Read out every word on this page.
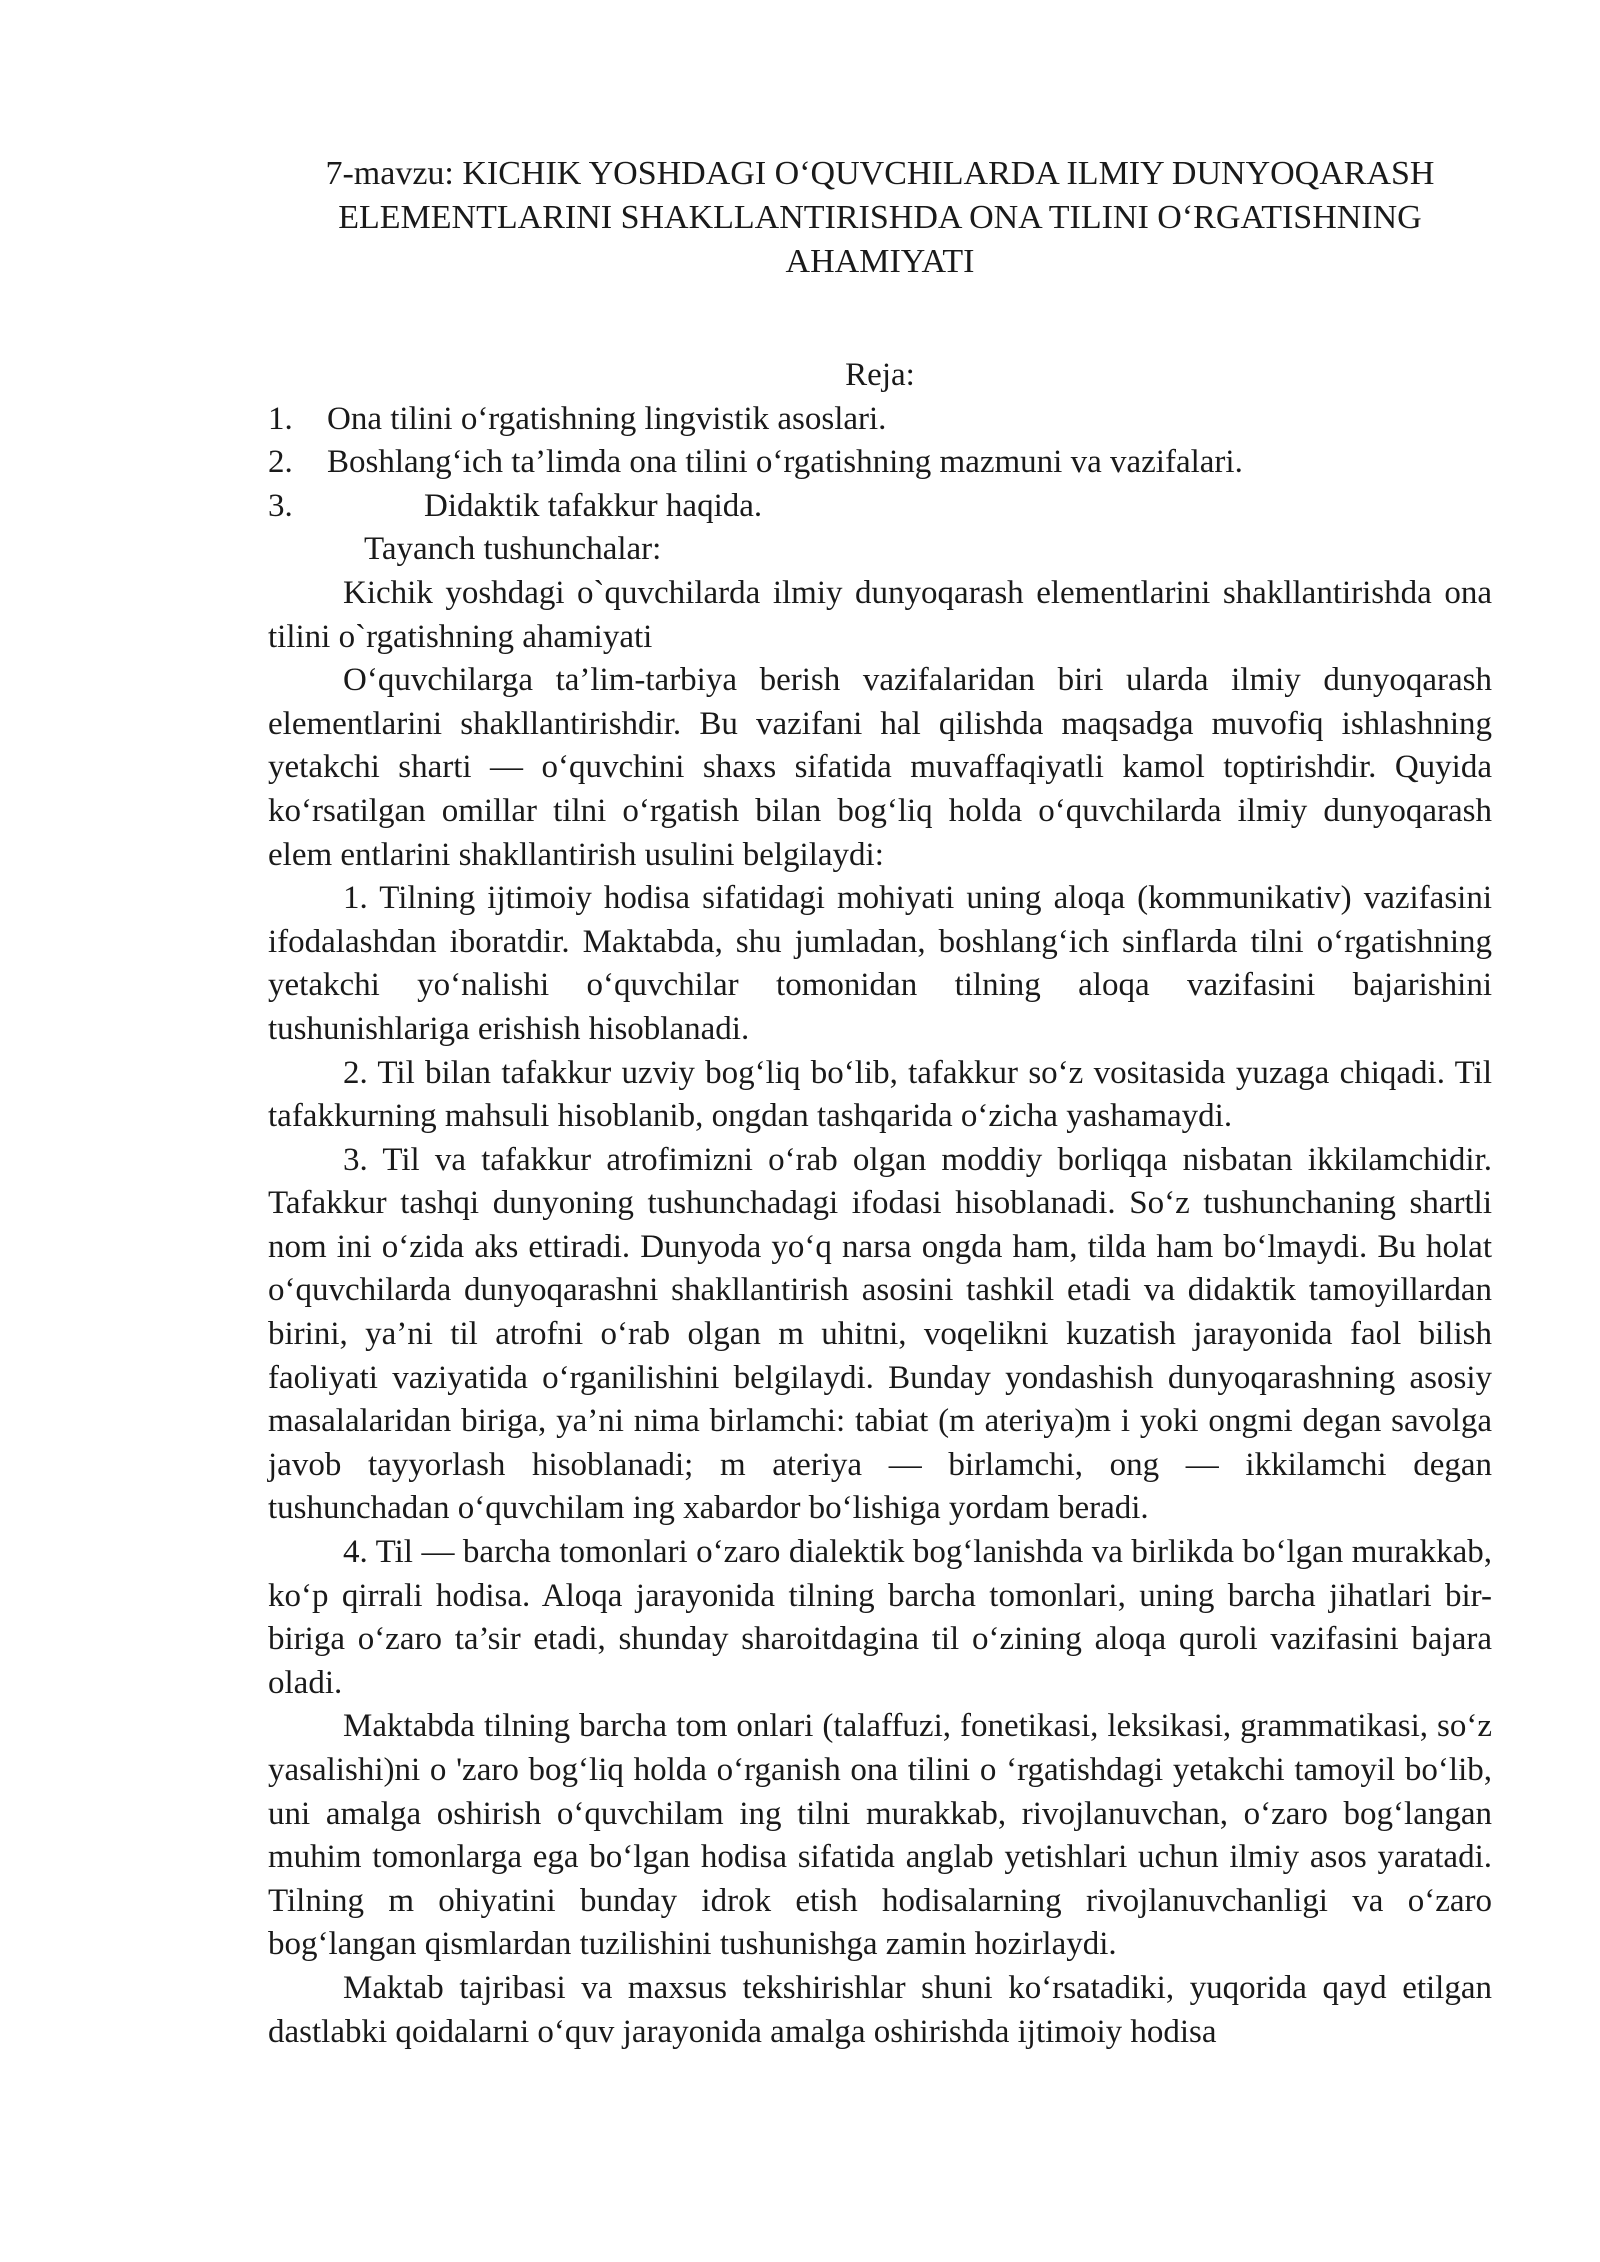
7-mavzu: KICHIK YOSHDAGI O‘QUVCHILARDA ILMIY DUNYOQARASH ELEMENTLARINI SHAKLLANTIRISHDA ONA TILINI O‘RGATISHNING AHAMIYATI
Reja:
1.	Ona tilini o‘rgatishning lingvistik asoslari.
2.	Boshlang‘ich ta’limda ona tilini o‘rgatishning mazmuni va vazifalari.
3.	Didaktik tafakkur haqida.
Tayanch tushunchalar:

Kichik yoshdagi o`quvchilarda ilmiy dunyoqarash elementlarini shakllantirishda ona tilini o`rgatishning ahamiyati

O‘quvchilarga ta’lim-tarbiya berish vazifalaridan biri ularda ilmiy dunyoqarash elementlarini shakllantirishdir. Bu vazifani hal qilishda maqsadga muvofiq ishlashning yetakchi sharti — o‘quvchini shaxs sifatida muvaffaqiyatli kamol toptirishdir. Quyida ko‘rsatilgan omillar tilni o‘rgatish bilan bog‘liq holda o‘quvchilarda ilmiy dunyoqarash elem entlarini shakllantirish usulini belgilaydi:

1. Tilning ijtimoiy hodisa sifatidagi mohiyati uning aloqa (kommunikativ) vazifasini ifodalashdan iboratdir. Maktabda, shu jumladan, boshlang‘ich sinflarda tilni o‘rgatishning yetakchi yo‘nalishi o‘quvchilar tomonidan tilning aloqa vazifasini bajarishini tushunishlariga erishish hisoblanadi.

2. Til bilan tafakkur uzviy bog‘liq bo‘lib, tafakkur so‘z vositasida yuzaga chiqadi. Til tafakkurning mahsuli hisoblanib, ongdan tashqarida o‘zicha yashamaydi.

3. Til va tafakkur atrofimizni o‘rab olgan moddiy borliqqa nisbatan ikkilamchidir. Tafakkur tashqi dunyoning tushunchadagi ifodasi hisoblanadi. So‘z tushunchaning shartli nom ini o‘zida aks ettiradi. Dunyoda yo‘q narsa ongda ham, tilda ham bo‘lmaydi. Bu holat o‘quvchilarda dunyoqarashni shakllantirish asosini tashkil etadi va didaktik tamoyillardan birini, ya’ni til atrofni o‘rab olgan m uhitni, voqelikni kuzatish jarayonida faol bilish faoliyati vaziyatida o‘rganilishini belgilaydi. Bunday yondashish dunyoqarashning asosiy masalalaridan biriga, ya’ni nima birlamchi: tabiat (m ateriya)m i yoki ongmi degan savolga javob tayyorlash hisoblanadi; m ateriya — birlamchi, ong — ikkilamchi degan tushunchadan o‘quvchilam ing xabardor bo‘lishiga yordam beradi.

4. Til — barcha tomonlari o‘zaro dialektik bog‘lanishda va birlikda bo‘lgan murakkab, ko‘p qirrali hodisa. Aloqa jarayonida tilning barcha tomonlari, uning barcha jihatlari bir-biriga o‘zaro ta’sir etadi, shunday sharoitdagina til o‘zining aloqa quroli vazifasini bajara oladi.

Maktabda tilning barcha tom onlari (talaffuzi, fonetikasi, leksikasi, grammatikasi, so‘z yasalishi)ni o 'zaro bog‘liq holda o‘rganish ona tilini o ‘rgatishdagi yetakchi tamoyil bo‘lib, uni amalga oshirish o‘quvchilam ing tilni murakkab, rivojlanuvchan, o‘zaro bog‘langan muhim tomonlarga ega bo‘lgan hodisa sifatida anglab yetishlari uchun ilmiy asos yaratadi. Tilning m ohiyatini bunday idrok etish hodisalarning rivojlanuvchanligi va o‘zaro bog‘langan qismlardan tuzilishini tushunishga zamin hozirlaydi.

Maktab tajribasi va maxsus tekshirishlar shuni ko‘rsatadiki, yuqorida qayd etilgan dastlabki qoidalarni o‘quv jarayonida amalga oshirishda ijtimoiy hodisa
